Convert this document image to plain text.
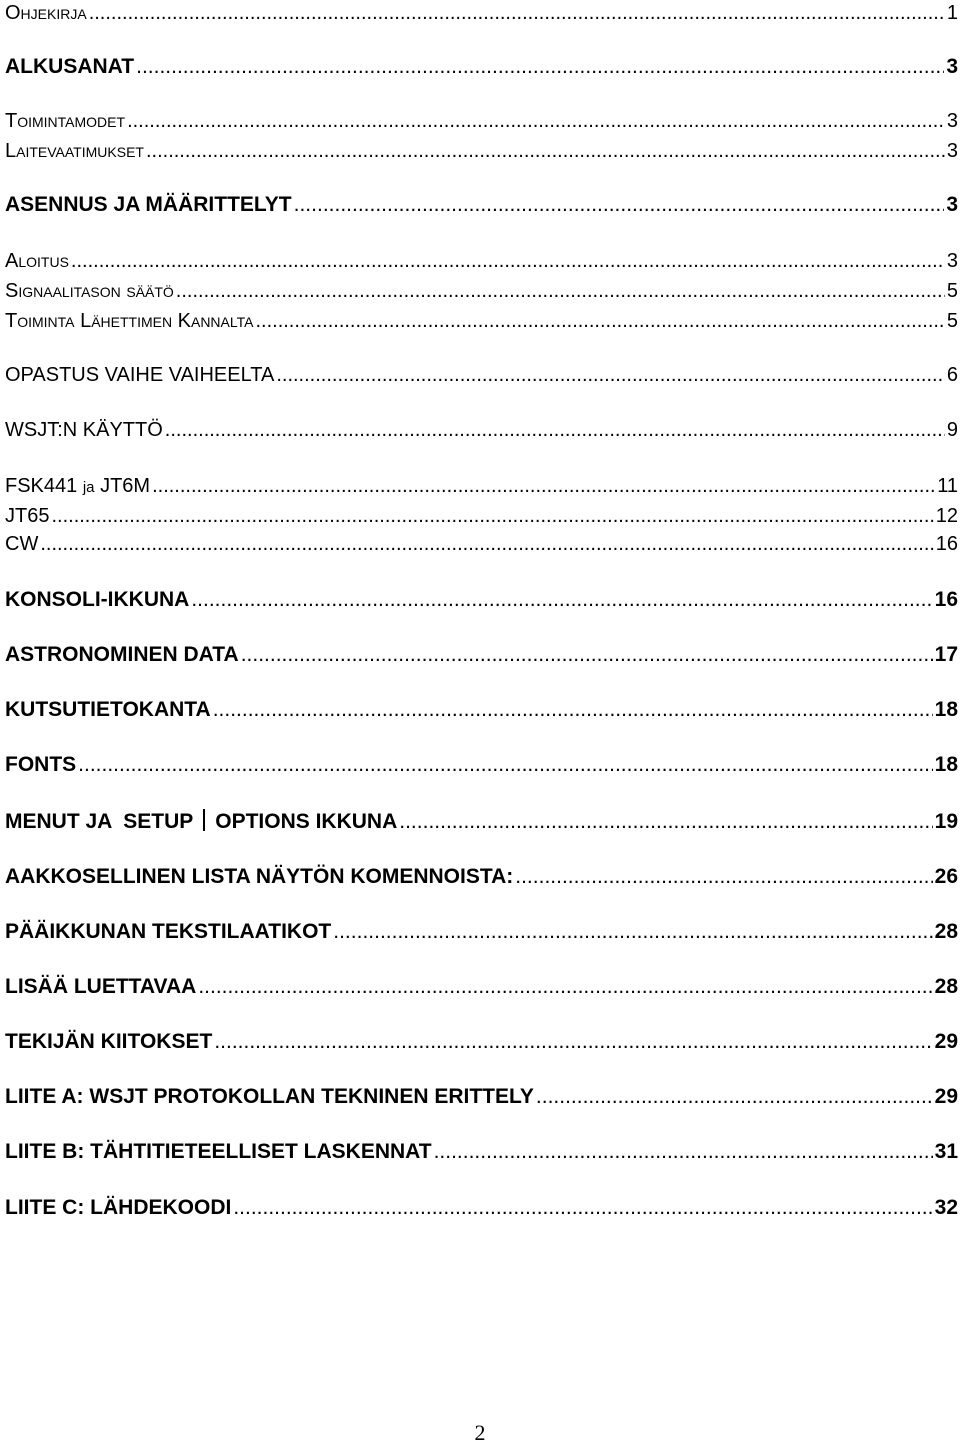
Ohjekirja .....	1
ALKUSANAT .....	3
Toimintamodet .....	3
Laitevaatimukset .....	3
ASENNUS JA MÄÄRITTELYT .....	3
Aloitus .....	3
Signaalitason säätö .....	5
Toiminta Lähettimen Kannalta .....	5
OPASTUS VAIHE VAIHEELTA .....	6
WSJT:N KÄYTTÖ .....	9
FSK441 ja JT6M .....	11
JT65 .....	12
CW .....	16
KONSOLI-IKKUNA .....	16
ASTRONOMINEN DATA .....	17
KUTSUTIETOKANTA .....	18
FONTS .....	18
MENUT JA  SETUP OPTIONS IKKUNA .....	19
AAKKOSELLINEN LISTA NÄYTÖN KOMENNOISTA: .....	26
PÄÄIKKUNAN TEKSTILAATIKOT .....	28
LISÄÄ LUETTAVAA .....	28
TEKIJÄN KIITOKSET .....	29
LIITE A: WSJT PROTOKOLLAN TEKNINEN ERITTELY .....	29
LIITE B: TÄHTITIETEELLISET LASKENNAT .....	31
LIITE C: LÄHDEKOODI .....	32
2
